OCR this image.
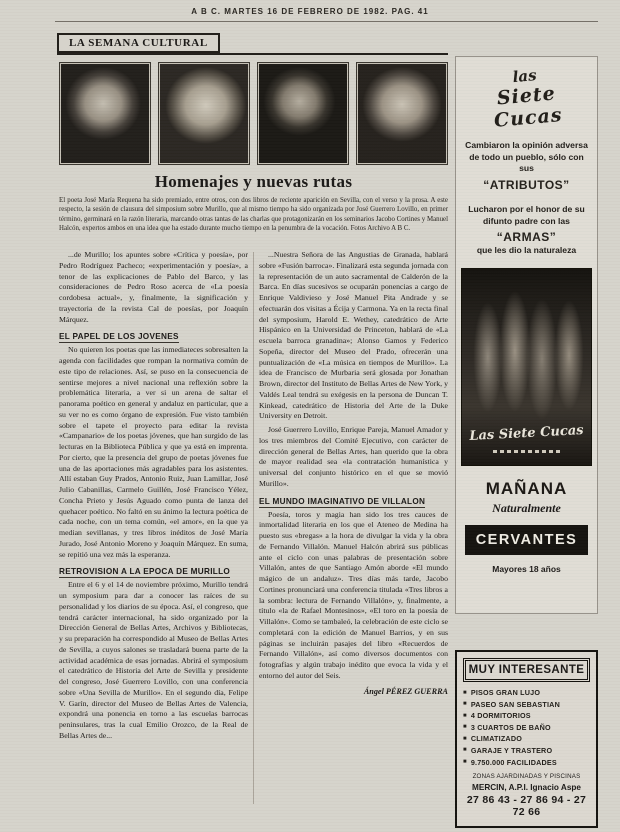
A B C. MARTES 16 DE FEBRERO DE 1982. PAG. 41
LA SEMANA CULTURAL
Homenajes y nuevas rutas
El poeta José María Requena ha sido premiado, entre otros, con dos libros de reciente aparición en Sevilla, con el verso y la prosa. A este respecto, la sesión de clausura del simposium sobre Murillo, que al mismo tiempo ha sido organizada por José Guerrero Lovillo, en primer término, germinará en la razón literaria, marcando otras tantas de las charlas que protagonizarán en los seminarios Jacobo Cortines y Manuel Halcón, expertos ambos en una idea que ha estado durante mucho tiempo en la penumbra de la vocación. Fotos Archivo A B C.

...de Murillo; los apuntes sobre «Crítica y poesía», por Pedro Rodríguez Pacheco; «experimentación y poesía», a tenor de las explicaciones de Pablo del Barco, y las consideraciones de Pedro Roso acerca de «La poesía cordobesa actual», y, finalmente, la significación y trayectoria de la revista Cal de poesías, por Joaquín Márquez.

EL PAPEL DE LOS JOVENES

No quieren los poetas que las inmediateces sobresalten la agenda con facilidades que rompan la normativa común de este tipo de relaciones. Así, se puso en la consecuencia de sentirse mejores a nivel nacional una reflexión sobre la problemática literaria, a ver si un arena de saltar el panorama poético en general y andaluz en particular, que a su ver no es como órgano de expresión. Fue visto también sobre el tapete el proyecto para editar la revista «Campanario» de los poetas jóvenes, que han surgido de las lecturas en la Biblioteca Pública y que ya está en imprenta. Por cierto, que la presencia del grupo de poetas jóvenes fue una de las aportaciones más agradables para los asistentes. Allí estaban Guy Prados, Antonio Ruiz, Juan Lamillar, José Julio Cabanillas, Carmelo Guillén, José Francisco Yélez, Concha Prieto y Jesús Aguado como punta de lanza del quehacer poético. No faltó en su ánimo la lectura poética de cada noche, con un tema común, «el amor», en la que ya median sevillanas, y tres libros inéditos de José María Jurado, José Antonio Moreno y Joaquín Márquez. En suma, se repitió una vez más la esperanza.

RETROVISION A LA EPOCA DE MURILLO

Entre el 6 y el 14 de noviembre próximo, Murillo tendrá un symposium para dar a conocer las raíces de su personalidad y los diarios de su época. Así, el congreso, que tendrá carácter internacional, ha sido organizado por la Dirección General de Bellas Artes, Archivos y Bibliotecas, y su preparación ha correspondido al Museo de Bellas Artes de Sevilla, a cuyos salones se trasladará buena parte de la actividad académica de esas jornadas. Abrirá el symposium el catedrático de Historia del Arte de Sevilla y presidente del congreso, José Guerrero Lovillo, con una conferencia sobre «Una Sevilla de Murillo». En el segundo día, Felipe V. Garín, director del Museo de Bellas Artes de Valencia, expondrá una ponencia en torno a las escuelas barrocas peninsulares, tras la cual Emilio Orozco, de la Real de Bellas Artes de...

...Nuestra Señora de las Angustias de Granada, hablará sobre «Fusión barroca». Finalizará esta segunda jornada con la representación de un auto sacramental de Calderón de la Barca. En días sucesivos se ocuparán ponencias a cargo de Enrique Valdivieso y José Manuel Pita Andrade y se efectuarán dos visitas a Écija y Carmona. Ya en la recta final del symposium, Harold E. Wethey, catedrático de Arte Hispánico en la Universidad de Princeton, hablará de «La escuela barroca granadina»; Alonso Gamos y Federico Sopeña, director del Museo del Prado, ofrecerán una puntualización de «La música en tiempos de Murillo». La idea de Francisco de Murbaria será glosada por Jonathan Brown, director del Instituto de Bellas Artes de New York, y Valdés Leal tendrá su exégesis en la persona de Duncan T. Kinkead, catedrático de Historia del Arte de la Duke University en Detroit.

José Guerrero Lovillo, Enrique Pareja, Manuel Amador y los tres miembros del Comité Ejecutivo, con carácter de dirección general de Bellas Artes, han querido que la obra de mayor realidad sea «la contratación humanística y universal del conjunto histórico en el que se movió Murillo».

EL MUNDO IMAGINATIVO DE VILLALON

Poesía, toros y magia han sido los tres cauces de inmortalidad literaria en los que el Ateneo de Medina ha puesto sus «bregas» a la hora de divulgar la vida y la obra de Fernando Villalón. Manuel Halcón abrirá sus públicas ante el ciclo con unas palabras de presentación sobre Villalón, antes de que Santiago Amón aborde «El mundo mágico de un andaluz». Tres días más tarde, Jacobo Cortines pronunciará una conferencia titulada «Tres libros a la sombra: lectura de Fernando Villalón», y, finalmente, a título «la de Rafael Montesinos», «El toro en la poesía de Villalón». Como se tambaleó, la celebración de este ciclo se completará con la edición de Manuel Barrios, y en sus páginas se incluirán pasajes del libro «Recuerdos de Fernando Villalón», así como diversos documentos con fotografías y algún trabajo inédito que evoca la vida y el entorno del autor del Seis.

Ángel PÉREZ GUERRA
las
Siete Cucas
Cambiaron la opinión adversa de todo un pueblo, sólo con sus
“ATRIBUTOS”
Lucharon por el honor de su difunto padre con las
“ARMAS”
que les dio la naturaleza
Las Siete Cucas
MAÑANA
Naturalmente
CERVANTES
Mayores 18 años
MUY INTERESANTE
■ PISOS GRAN LUJO
■ PASEO SAN SEBASTIAN
■ 4 DORMITORIOS
■ 3 CUARTOS DE BAÑO
■ CLIMATIZADO
■ GARAJE Y TRASTERO
■ 9.750.000 FACILIDADES
ZONAS AJARDINADAS Y PISCINAS
MERCIN, A.P.I. Ignacio Aspe
27 86 43 - 27 86 94 - 27 72 66
